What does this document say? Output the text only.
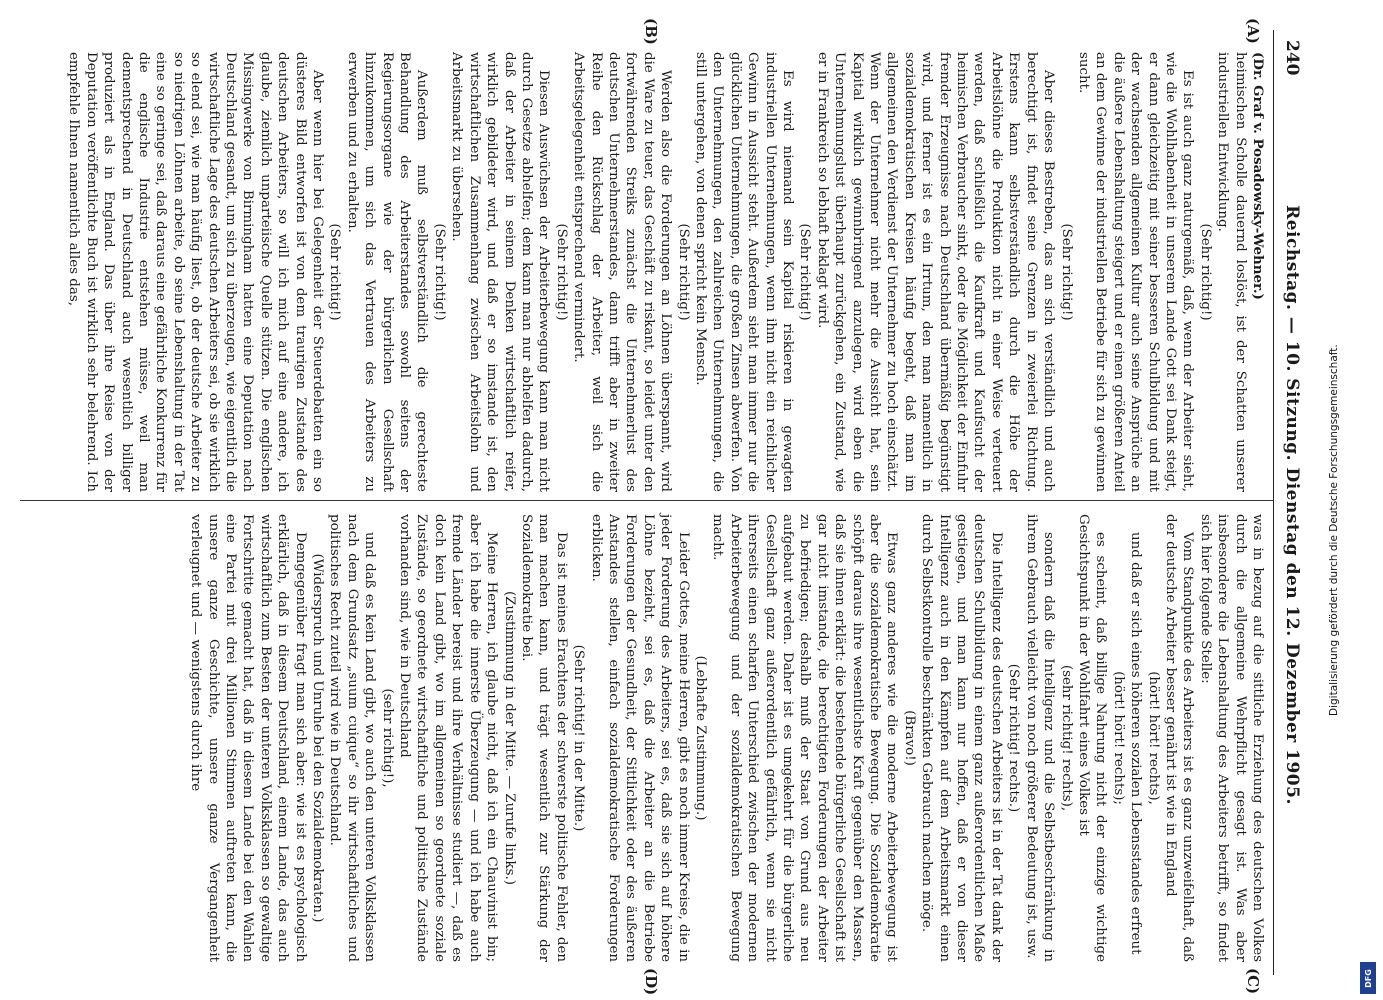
240
Reichstag. — 10. Sitzung. Dienstag den 12. Dezember 1905.
(A)
(B)
(C)
(D)

(Dr. Graf v. Posadowsky-Wehner.)

heimischen Scholle dauernd loslöst, ist der Schatten unserer industriellen Entwicklung.

(Sehr richtig!)

Es ist auch ganz naturgemäß, daß, wenn der Arbeiter sieht, wie die Wohlhabenheit in unserem Lande Gott sei Dank steigt, er dann gleichzeitig mit seiner besseren Schulbildung und mit der wachsenden allgemeinen Kultur auch seine Ansprüche an die äußere Lebenshaltung steigert und er einen größeren Anteil an dem Gewinne der industriellen Betriebe für sich zu gewinnen sucht.

(Sehr richtig!)

Aber dieses Bestreben, das an sich verständlich und auch berechtigt ist, findet seine Grenzen in zweierlei Richtung. Erstens kann selbstverständlich durch die Höhe der Arbeitslöhne die Produktion nicht in einer Weise verteuert werden, daß schließlich die Kaufkraft und Kaufsucht der heimischen Verbraucher sinkt, oder die Möglichkeit der Einfuhr fremder Erzeugnisse nach Deutschland übermäßig begünstigt wird, und ferner ist es ein Irrtum, den man namentlich in sozialdemokratischen Kreisen häufig begeht, daß man im allgemeinen den Verdienst der Unternehmer zu hoch einschätzt. Wenn der Unternehmer nicht mehr die Aussicht hat, sein Kapital wirklich gewinnbringend anzulegen, wird eben die Unternehmungslust überhaupt zurückgehen, ein Zustand, wie er in Frankreich so lebhaft beklagt wird.

(Sehr richtig!)

Es wird niemand sein Kapital riskieren in gewagten industriellen Unternehmungen, wenn ihm nicht ein reichlicher Gewinn in Aussicht steht. Außerdem sieht man immer nur die glücklichen Unternehmungen, die großen Zinsen abwerfen. Von den Unternehmungen, den zahlreichen Unternehmungen, die still untergehen, von denen spricht kein Mensch.

(Sehr richtig!)

Werden also die Forderungen an Löhnen überspannt, wird die Ware zu teuer, das Geschäft zu riskant, so leidet unter den fortwährenden Streiks zunächst die Unternehmerlust des deutschen Unternehmerstandes, dann trifft aber in zweiter Reihe den Rückschlag der Arbeiter, weil sich die Arbeitsgelegenheit entsprechend vermindert.

(Sehr richtig!)

Diesen Auswüchsen der Arbeiterbewegung kann man nicht durch Gesetze abhelfen; dem kann man nur abhelfen dadurch, daß der Arbeiter in seinem Denken wirtschaftlich reifer, wirklich gebildeter wird, und daß er so imstande ist, den wirtschaftlichen Zusammenhang zwischen Arbeitslohn und Arbeitsmarkt zu übersehen.

(Sehr richtig!)

Außerdem muß selbstverständlich die gerechteste Behandlung des Arbeiterstandes sowohl seitens der Regierungsorgane wie der bürgerlichen Gesellschaft hinzukommen, um sich das Vertrauen des Arbeiters zu erwerben und zu erhalten.

(Sehr richtig!)

Aber wenn hier bei Gelegenheit der Steuerdebatten ein so düsteres Bild entworfen ist von dem traurigen Zustande des deutschen Arbeiters, so will ich mich auf eine andere, ich glaube, ziemlich unparteiische Quelle stützen. Die englischen Missingwerke von Birmingham hatten eine Deputation nach Deutschland gesandt, um sich zu überzeugen, wie eigentlich die wirtschaftliche Lage des deutschen Arbeiters sei, ob sie wirklich so elend sei, wie man häufig liest, ob der deutsche Arbeiter zu so niedrigen Löhnen arbeite, ob seine Lebenshaltung in der Tat eine so geringe sei, daß daraus eine gefährliche Konkurrenz für die englische Industrie entstehen müsse, weil man dementsprechend in Deutschland auch wesentlich billiger produziert als in England. Das über ihre Reise von der Deputation veröffentlichte Buch ist wirklich sehr belehrend. Ich empfehle Ihnen namentlich alles das,

was in bezug auf die sittliche Erziehung des deutschen Volkes durch die allgemeine Wehrpflicht gesagt ist. Was aber insbesondere die Lebenshaltung des Arbeiters betrifft, so findet sich hier folgende Stelle:

Vom Standpunkte des Arbeiters ist es ganz unzweifelhaft, daß der deutsche Arbeiter besser genährt ist wie in England

(hört! hört! rechts),

und daß er sich eines höheren sozialen Lebensstandes erfreut

(hört! hört! rechts);

es scheint, daß billige Nahrung nicht der einzige wichtige Gesichtspunkt in der Wohlfahrt eines Volkes ist

(sehr richtig! rechts),

sondern daß die Intelligenz und die Selbstbeschränkung in ihrem Gebrauch vielleicht von noch größerer Bedeutung ist, usw.

(Sehr richtig! rechts.)

Die Intelligenz des deutschen Arbeiters ist in der Tat dank der deutschen Schulbildung in einem ganz außerordentlichen Maße gestiegen, und man kann nur hoffen, daß er von dieser Intelligenz auch in den Kämpfen auf dem Arbeitsmarkt einen durch Selbstkontrolle beschränkten Gebrauch machen möge.

(Bravo!)

Etwas ganz anderes wie die moderne Arbeiterbewegung ist aber die sozialdemokratische Bewegung. Die Sozialdemokratie schöpft daraus ihre wesentlichste Kraft gegenüber den Massen, daß sie ihnen erklärt: die bestehende bürgerliche Gesellschaft ist gar nicht imstande, die berechtigten Forderungen der Arbeiter zu befriedigen; deshalb muß der Staat von Grund aus neu aufgebaut werden. Daher ist es umgekehrt für die bürgerliche Gesellschaft ganz außerordentlich gefährlich, wenn sie nicht ihrerseits einen scharfen Unterschied zwischen der modernen Arbeiterbewegung und der sozialdemokratischen Bewegung macht.

(Lebhafte Zustimmung.)

Leider Gottes, meine Herren, gibt es noch immer Kreise, die in jeder Forderung des Arbeiters, sei es, daß sie sich auf höhere Löhne bezieht, sei es, daß die Arbeiter an die Betriebe Forderungen der Gesundheit, der Sittlichkeit oder des äußeren Anstandes stellen, einfach sozialdemokratische Forderungen erblicken.

(Sehr richtig! in der Mitte.)

Das ist meines Erachtens der schwerste politische Fehler, den man machen kann, und trägt wesentlich zur Stärkung der Sozialdemokratie bei.

(Zustimmung in der Mitte. — Zurufe links.)

Meine Herren, ich glaube nicht, daß ich ein Chauvinist bin; aber ich habe die innerste Überzeugung — und ich habe auch fremde Länder bereist und ihre Verhältnisse studiert —, daß es doch kein Land gibt, wo im allgemeinen so geordnete soziale Zustände, so geordnete wirtschaftliche und politische Zustände vorhanden sind, wie in Deutschland

(sehr richtig!),

und daß es kein Land gibt, wo auch den unteren Volksklassen nach dem Grundsatz „suum cuique“ so ihr wirtschaftliches und politisches Recht zuteil wird wie in Deutschland.

(Widerspruch und Unruhe bei den Sozialdemokraten.)

Demgegenüber fragt man sich aber: wie ist es psychologisch erklärlich, daß in diesem Deutschland, einem Lande, das auch wirtschaftlich zum Besten der unteren Volksklassen so gewaltige Fortschritte gemacht hat, daß in diesem Lande bei den Wahlen eine Partei mit drei Millionen Stimmen auftreten kann, die unsere ganze Geschichte, unsere ganze Vergangenheit verleugnet und — wenigstens durch ihre	Digitalisierung gefördert durch die Deutsche Forschungsgemeinschaft.
DFG
